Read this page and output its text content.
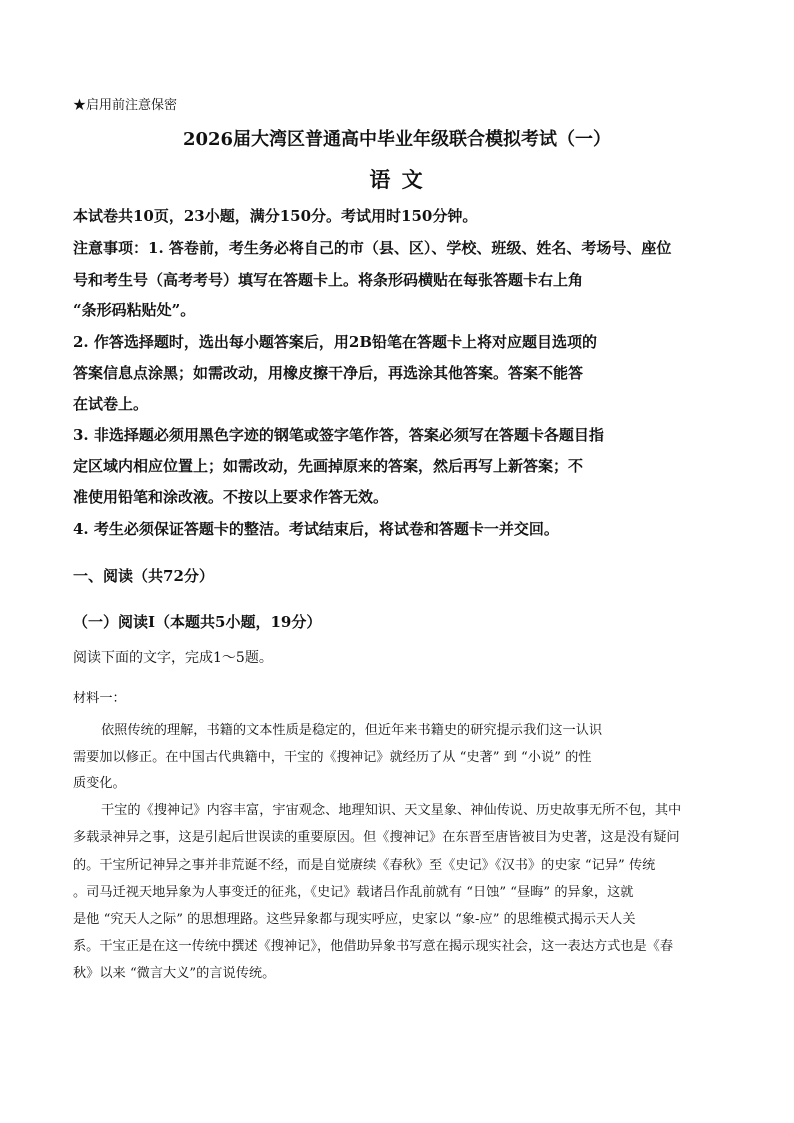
★启用前注意保密
2026届大湾区普通高中毕业年级联合模拟考试（一）
语 文
本试卷共10页，23小题，满分150分。考试用时150分钟。
注意事项：1. 答卷前，考生务必将自己的市（县、区）、学校、班级、姓名、考场号、座位
号和考生号（高考考号）填写在答题卡上。将条形码横贴在每张答题卡右上角
“条形码粘贴处”。
2. 作答选择题时，选出每小题答案后，用2B铅笔在答题卡上将对应题目选项的
答案信息点涂黑；如需改动，用橡皮擦干净后，再选涂其他答案。答案不能答
在试卷上。
3. 非选择题必须用黑色字迹的钢笔或签字笔作答，答案必须写在答题卡各题目指
定区域内相应位置上；如需改动，先画掉原来的答案，然后再写上新答案；不
准使用铅笔和涂改液。不按以上要求作答无效。
4. 考生必须保证答题卡的整洁。考试结束后，将试卷和答题卡一并交回。
一、阅读（共72分）
（一）阅读Ⅰ（本题共5小题，19分）
阅读下面的文字，完成1～5题。
材料一：
依照传统的理解，书籍的文本性质是稳定的，但近年来书籍史的研究提示我们这一认识
需要加以修正。在中国古代典籍中，干宝的《搜神记》就经历了从 “史著” 到 “小说” 的性
质变化。
干宝的《搜神记》内容丰富，宇宙观念、地理知识、天文星象、神仙传说、历史故事无所不包，其中
多载录神异之事，这是引起后世误读的重要原因。但《搜神记》在东晋至唐皆被目为史著，这是没有疑问
的。干宝所记神异之事并非荒诞不经，而是自觉赓续《春秋》至《史记》《汉书》的史家 “记异” 传统
。司马迁视天地异象为人事变迁的征兆，《史记》载诸吕作乱前就有 “日蚀” “昼晦” 的异象，这就
是他 “究天人之际” 的思想理路。这些异象都与现实呼应，史家以 “象-应” 的思维模式揭示天人关
系。干宝正是在这一传统中撰述《搜神记》，他借助异象书写意在揭示现实社会，这一表达方式也是《春
秋》以来 “微言大义”的言说传统。
